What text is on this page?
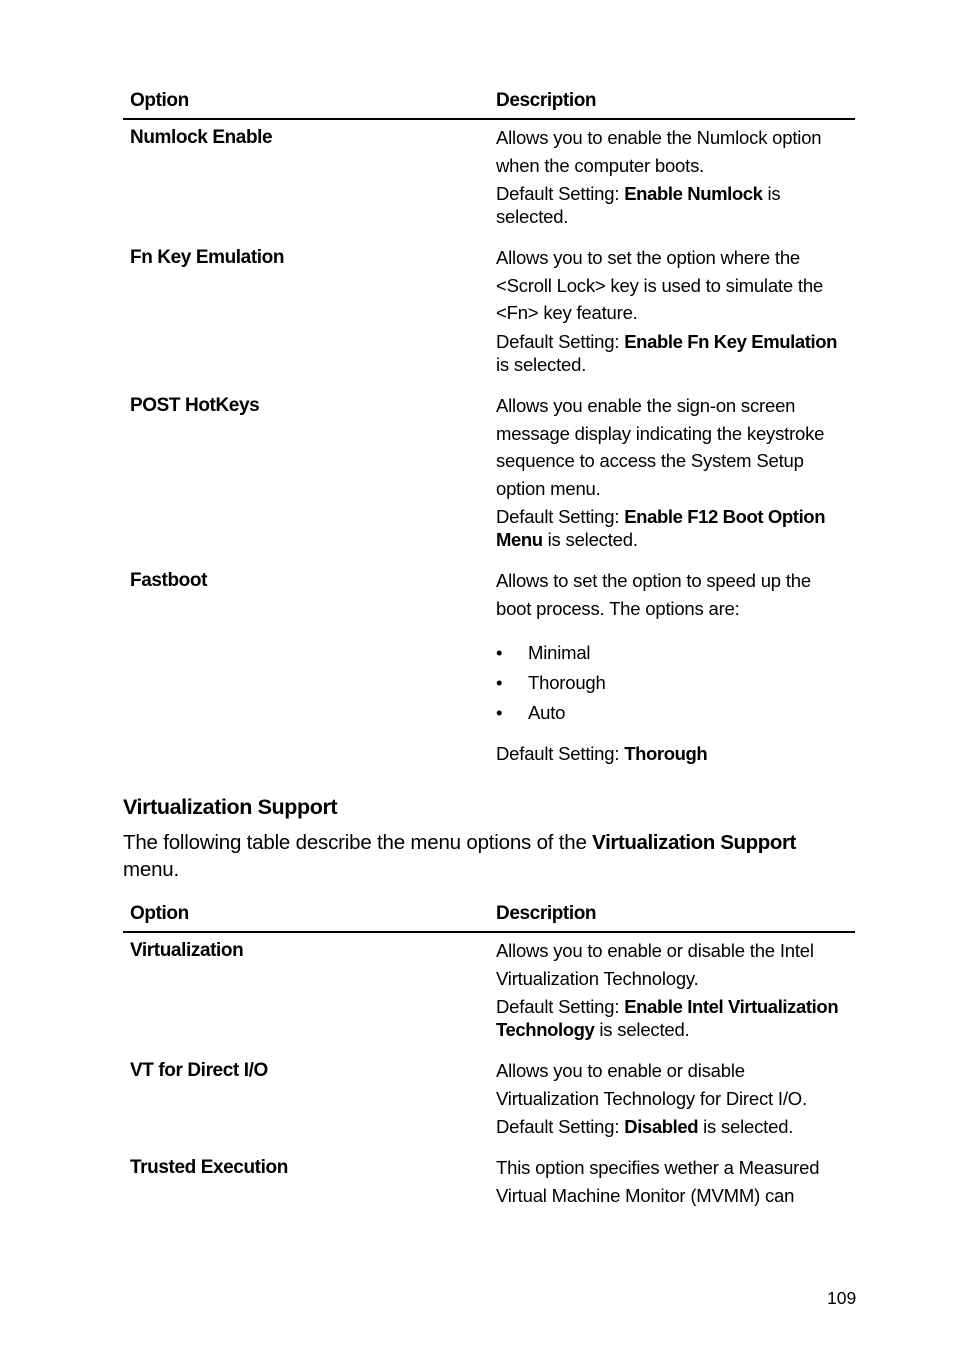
Option	Description
Numlock Enable	Allows you to enable the Numlock option when the computer boots.

Default Setting: Enable Numlock is selected.

Fn Key Emulation	Allows you to set the option where the <Scroll Lock> key is used to simulate the <Fn> key feature.

Default Setting: Enable Fn Key Emulation is selected.

POST HotKeys	Allows you enable the sign-on screen message display indicating the keystroke sequence to access the System Setup option menu.

Default Setting: Enable F12 Boot Option Menu is selected.

Fastboot	Allows to set the option to speed up the boot process. The options are:

• Minimal
• Thorough
• Auto

Default Setting: Thorough

Virtualization Support
The following table describe the menu options of the Virtualization Support menu.
Option	Description
Virtualization	Allows you to enable or disable the Intel Virtualization Technology.

Default Setting: Enable Intel Virtualization Technology is selected.

VT for Direct I/O	Allows you to enable or disable Virtualization Technology for Direct I/O.

Default Setting: Disabled is selected.

Trusted Execution	This option specifies wether a Measured Virtual Machine Monitor (MVMM) can

109
